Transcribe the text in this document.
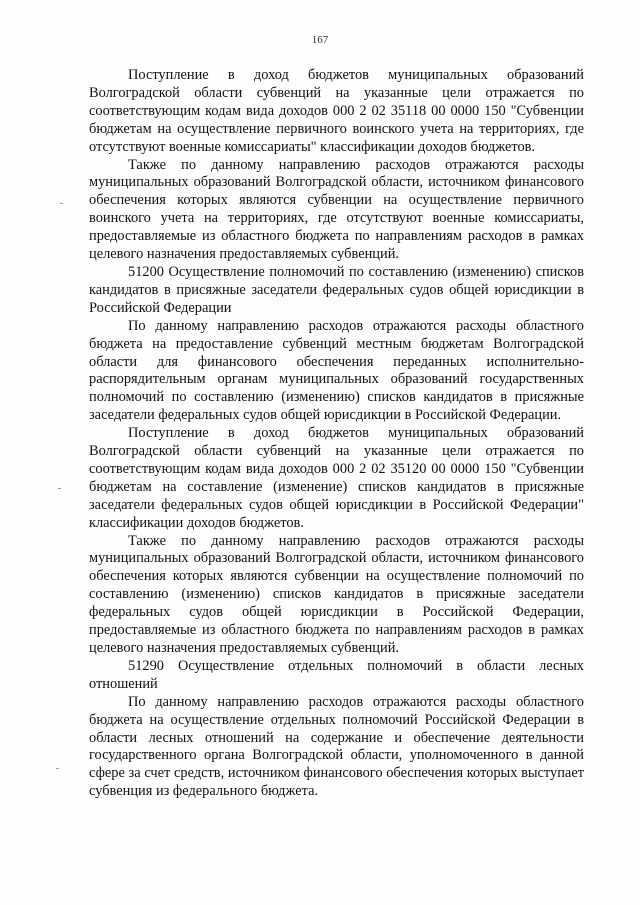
167

Поступление в доход бюджетов муниципальных образований Волгоградской области субвенций на указанные цели отражается по соответствующим кодам вида доходов 000 2 02 35118 00 0000 150 "Субвенции бюджетам на осуществление первичного воинского учета на территориях, где отсутствуют военные комиссариаты" классификации доходов бюджетов.

Также по данному направлению расходов отражаются расходы муниципальных образований Волгоградской области, источником финансового обеспечения которых являются субвенции на осуществление первичного воинского учета на территориях, где отсутствуют военные комиссариаты, предоставляемые из областного бюджета по направлениям расходов в рамках целевого назначения предоставляемых субвенций.

51200 Осуществление полномочий по составлению (изменению) списков кандидатов в присяжные заседатели федеральных судов общей юрисдикции в Российской Федерации

По данному направлению расходов отражаются расходы областного бюджета на предоставление субвенций местным бюджетам Волгоградской области для финансового обеспечения переданных исполнительно-распорядительным органам муниципальных образований государственных полномочий по составлению (изменению) списков кандидатов в присяжные заседатели федеральных судов общей юрисдикции в Российской Федерации.

Поступление в доход бюджетов муниципальных образований Волгоградской области субвенций на указанные цели отражается по соответствующим кодам вида доходов 000 2 02 35120 00 0000 150 "Субвенции бюджетам на составление (изменение) списков кандидатов в присяжные заседатели федеральных судов общей юрисдикции в Российской Федерации" классификации доходов бюджетов.

Также по данному направлению расходов отражаются расходы муниципальных образований Волгоградской области, источником финансового обеспечения которых являются субвенции на осуществление полномочий по составлению (изменению) списков кандидатов в присяжные заседатели федеральных судов общей юрисдикции в Российской Федерации, предоставляемые из областного бюджета по направлениям расходов в рамках целевого назначения предоставляемых субвенций.

51290 Осуществление отдельных полномочий в области лесных отношений

По данному направлению расходов отражаются расходы областного бюджета на осуществление отдельных полномочий Российской Федерации в области лесных отношений на содержание и обеспечение деятельности государственного органа Волгоградской области, уполномоченного в данной сфере за счет средств, источником финансового обеспечения которых выступает субвенция из федерального бюджета.
